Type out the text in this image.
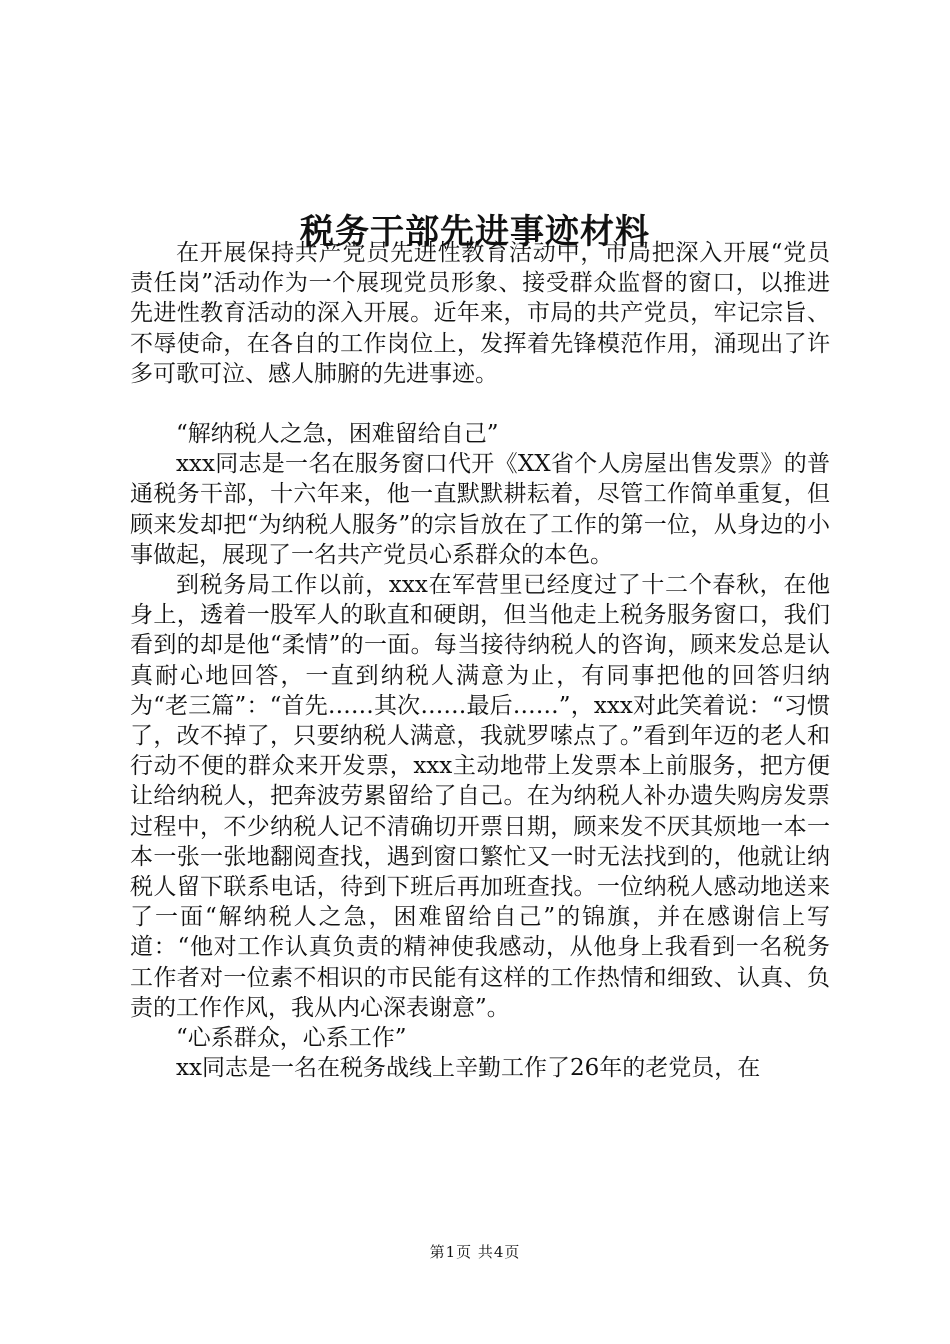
税务干部先进事迹材料

在开展保持共产党员先进性教育活动中，市局把深入开展“党员责任岗”活动作为一个展现党员形象、接受群众监督的窗口，以推进先进性教育活动的深入开展。近年来，市局的共产党员，牢记宗旨、不辱使命，在各自的工作岗位上，发挥着先锋模范作用，涌现出了许多可歌可泣、感人肺腑的先进事迹。

“解纳税人之急，困难留给自己”

xxx同志是一名在服务窗口代开《XX省个人房屋出售发票》的普通税务干部，十六年来，他一直默默耕耘着，尽管工作简单重复，但顾来发却把“为纳税人服务”的宗旨放在了工作的第一位，从身边的小事做起，展现了一名共产党员心系群众的本色。

到税务局工作以前，xxx在军营里已经度过了十二个春秋，在他身上，透着一股军人的耿直和硬朗，但当他走上税务服务窗口，我们看到的却是他“柔情”的一面。每当接待纳税人的咨询，顾来发总是认真耐心地回答，一直到纳税人满意为止，有同事把他的回答归纳为“老三篇”：“首先……其次……最后……”，xxx对此笑着说：“习惯了，改不掉了，只要纳税人满意，我就罗嗦点了。”看到年迈的老人和行动不便的群众来开发票，xxx主动地带上发票本上前服务，把方便让给纳税人，把奔波劳累留给了自己。在为纳税人补办遗失购房发票过程中，不少纳税人记不清确切开票日期，顾来发不厌其烦地一本一本一张一张地翻阅查找，遇到窗口繁忙又一时无法找到的，他就让纳税人留下联系电话，待到下班后再加班查找。一位纳税人感动地送来了一面“解纳税人之急，困难留给自己”的锦旗，并在感谢信上写道：“他对工作认真负责的精神使我感动，从他身上我看到一名税务工作者对一位素不相识的市民能有这样的工作热情和细致、认真、负责的工作作风，我从内心深表谢意”。

“心系群众，心系工作”

xx同志是一名在税务战线上辛勤工作了26年的老党员，在

第1页 共4页
